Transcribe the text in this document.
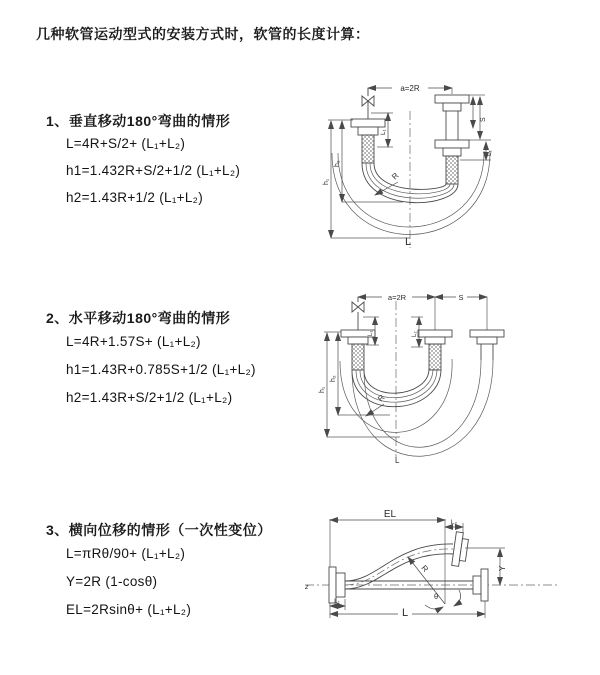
几种软管运动型式的安装方式时，软管的长度计算：
1、垂直移动180°弯曲的情形
L=4R+S/2+ (L₁+L₂)
h1=1.432R+S/2+1/2 (L₁+L₂)
h2=1.43R+1/2 (L₁+L₂)
2、水平移动180°弯曲的情形
L=4R+1.57S+ (L₁+L₂)
h1=1.43R+0.785S+1/2 (L₁+L₂)
h2=1.43R+S/2+1/2 (L₁+L₂)
3、横向位移的情形（一次性变位）
L=πRθ/90+ (L₁+L₂)
Y=2R (1-cosθ)
EL=2Rsinθ+ (L₁+L₂)
a=2R
h₁
h₂
L₁
S
L₂
R
L
a=2R	S
L₁	L₂
h₁
h₂
R
L
z
EL
L₂
R
θ
Y
L₁
L
